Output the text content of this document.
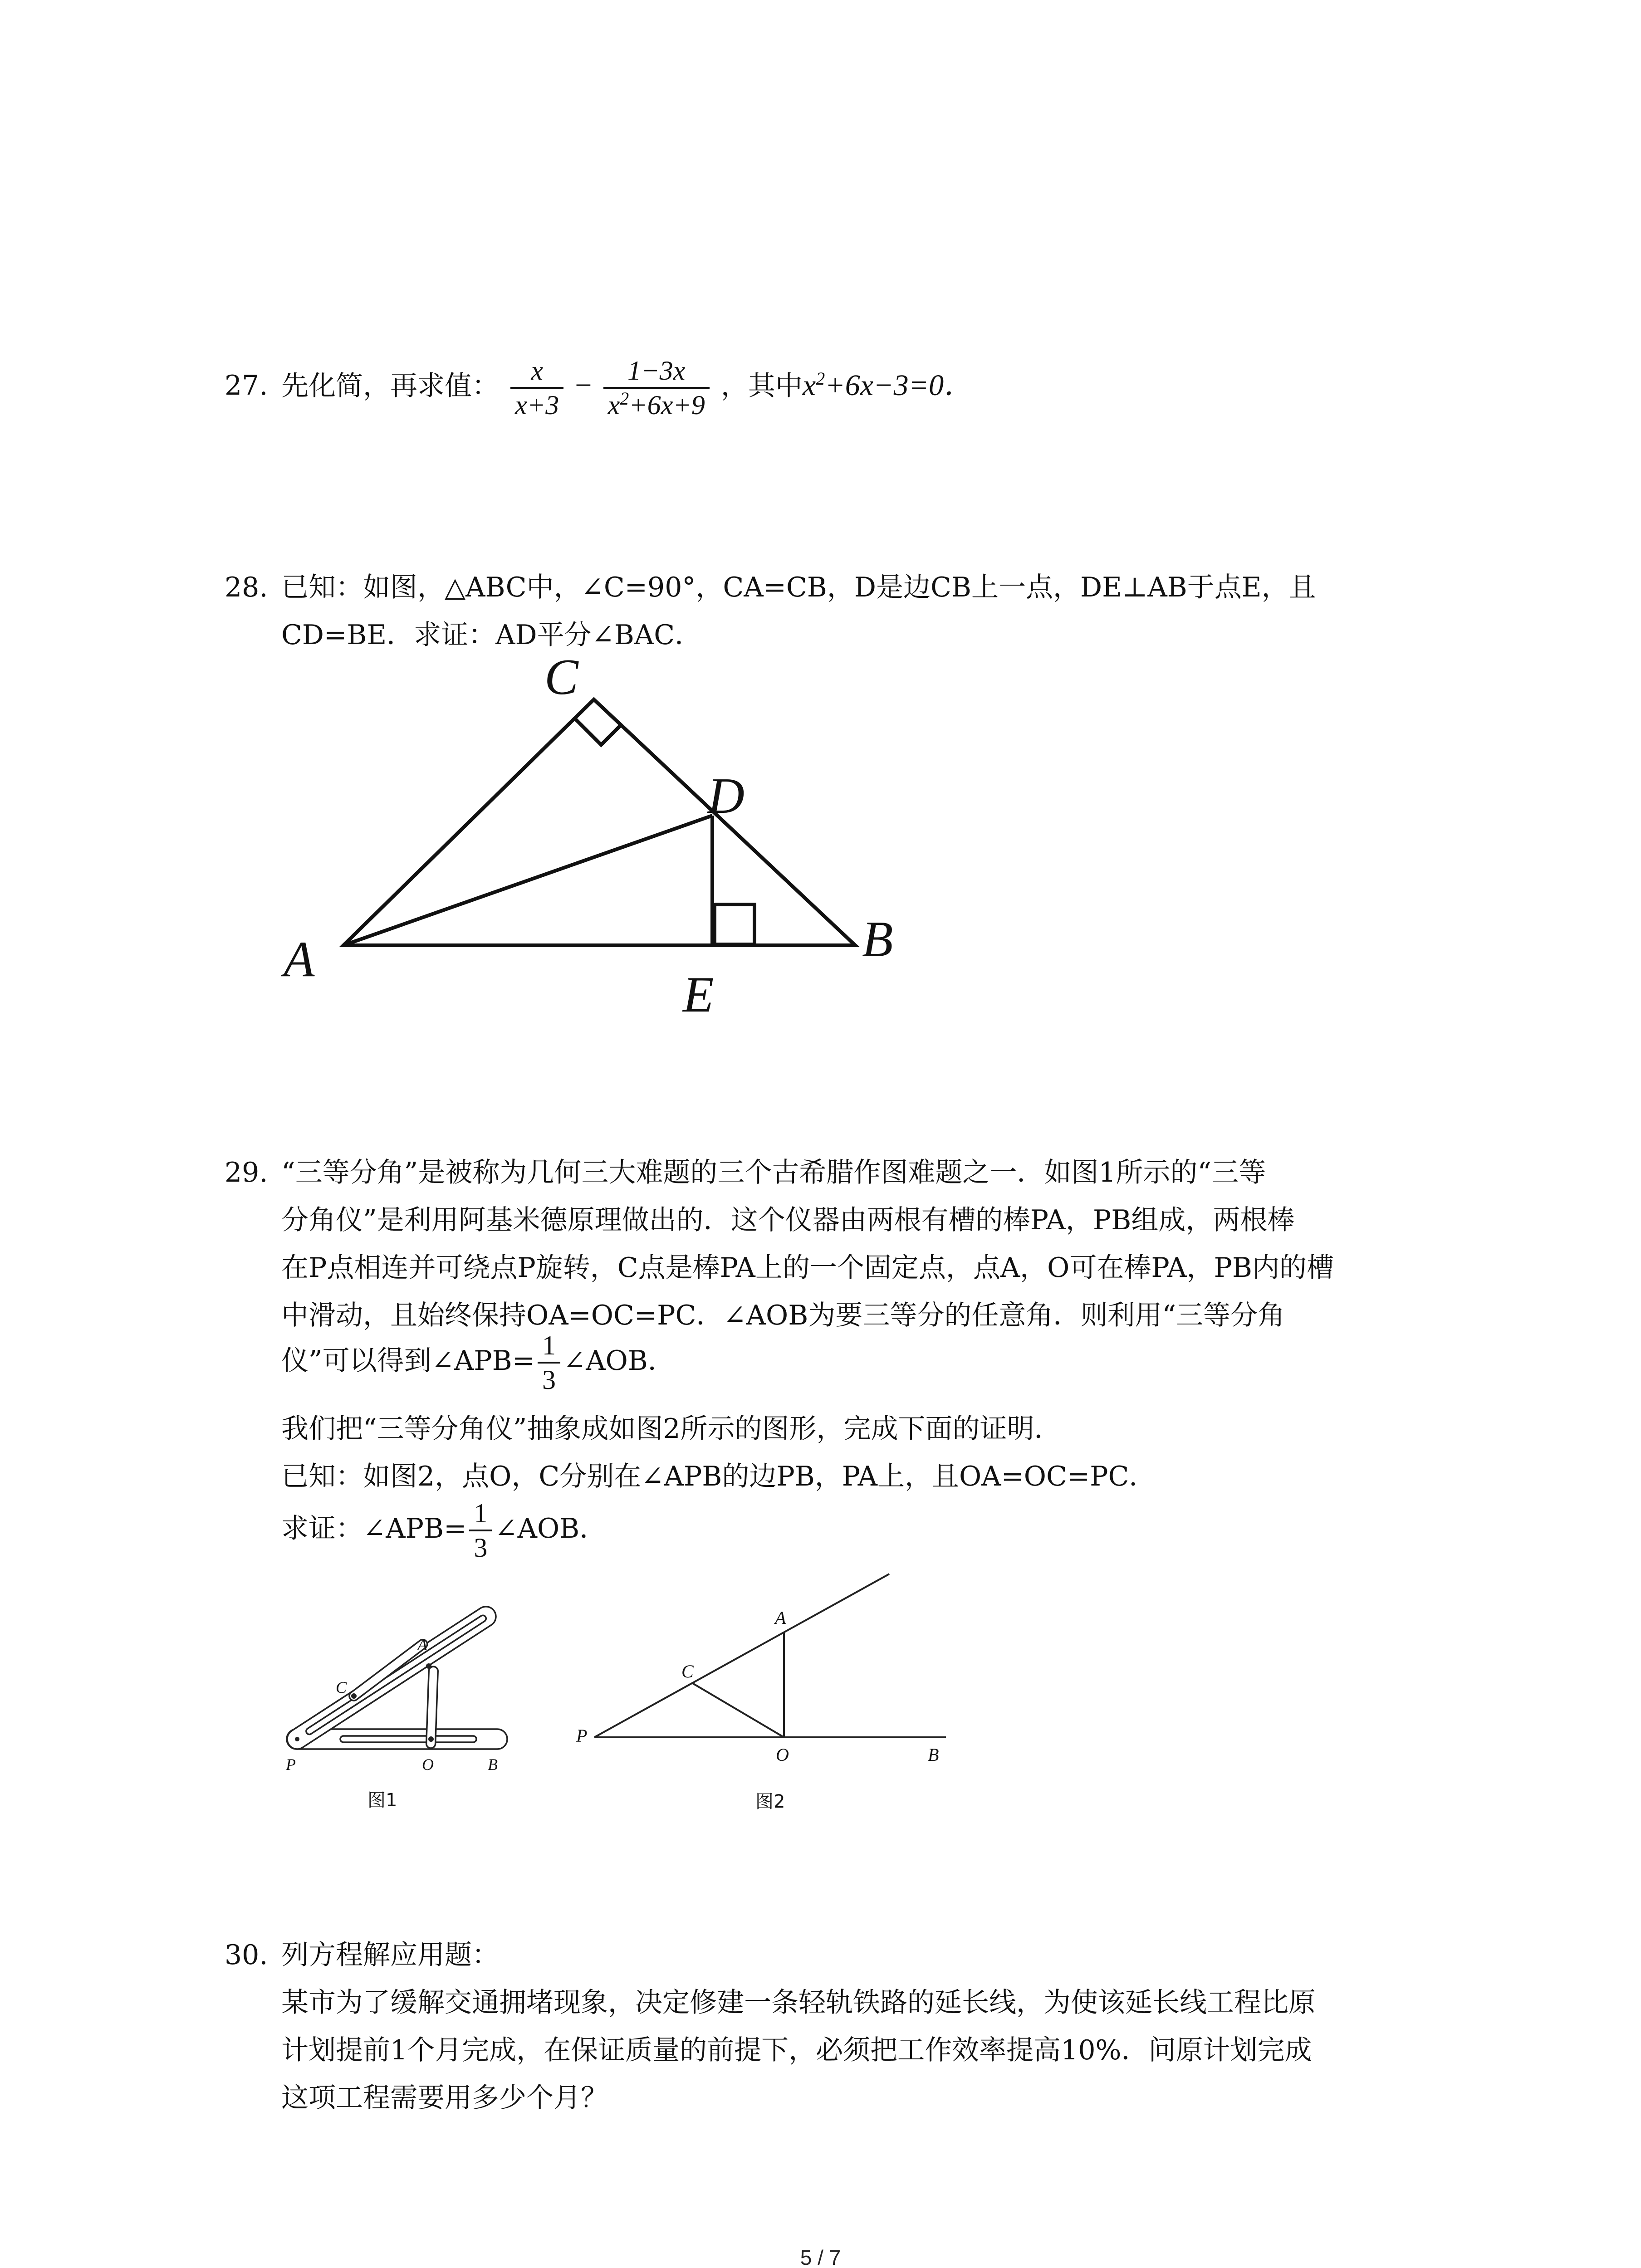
27. 先化简，再求值： $\frac{x}{x+3} - \frac{1-3x}{x^2+6x+9}$ ，其中$x^2+6x-3=0$．
28. 已知：如图，△ABC中，∠C=90°，CA=CB，D是边CB上一点，DE⊥AB于点E，且
CD=BE．求证：AD平分∠BAC．
C
D
A	B
E
29. “三等分角”是被称为几何三大难题的三个古希腊作图难题之一．如图1所示的“三等
分角仪”是利用阿基米德原理做出的．这个仪器由两根有槽的棒PA，PB组成，两根棒
在P点相连并可绕点P旋转，C点是棒PA上的一个固定点，点A，O可在棒PA，PB内的槽
中滑动，且始终保持OA=OC=PC．∠AOB为要三等分的任意角．则利用“三等分角
仪”可以得到∠APB= $\frac{1}{3}$ ∠AOB．
我们把“三等分角仪”抽象成如图2所示的图形，完成下面的证明．
已知：如图2，点O，C分别在∠APB的边PB，PA上，且OA=OC=PC．
求证：∠APB= $\frac{1}{3}$ ∠AOB．
A
C
P	O	B
图1
A
C
P
O	B
图2
30. 列方程解应用题：
某市为了缓解交通拥堵现象，决定修建一条轻轨铁路的延长线，为使该延长线工程比原
计划提前1个月完成，在保证质量的前提下，必须把工作效率提高10%．问原计划完成
这项工程需要用多少个月？
5 / 7
